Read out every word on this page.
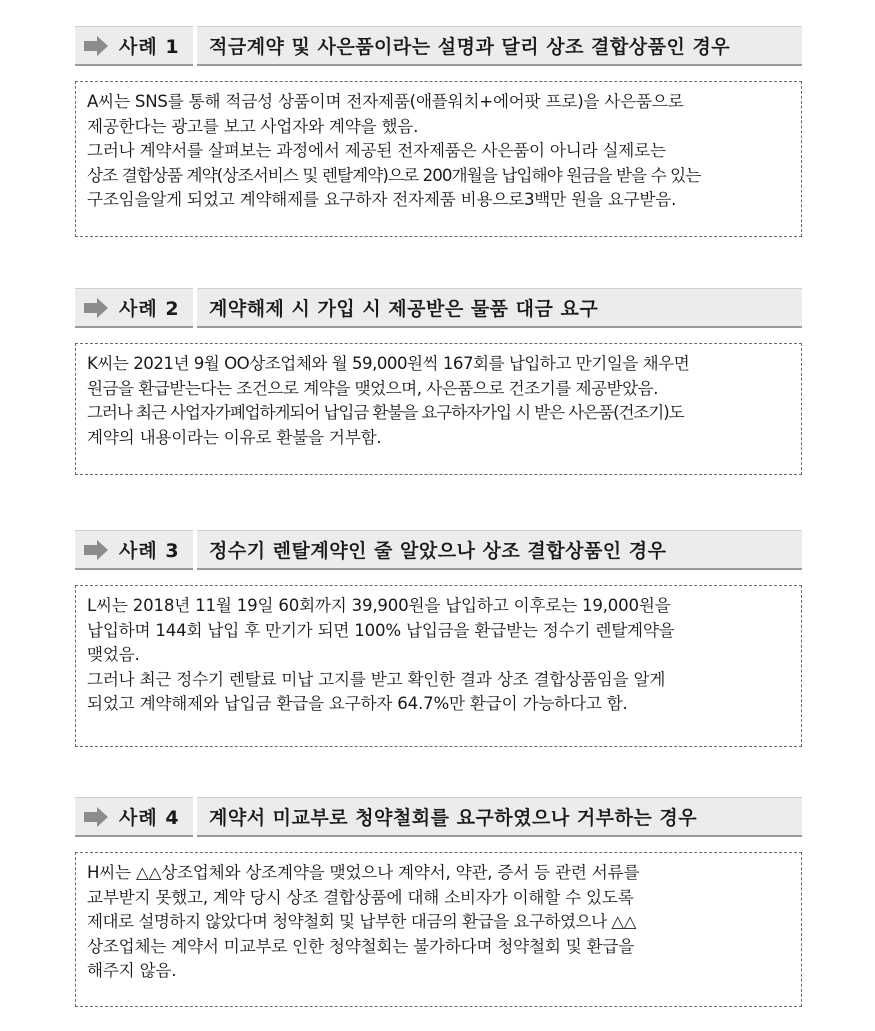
사례 1	적금계약 및 사은품이라는 설명과 달리 상조 결합상품인 경우

A씨는 SNS를 통해 적금성 상품이며 전자제품(애플워치+에어팟 프로)을 사은품으로

제공한다는 광고를 보고 사업자와 계약을 했음.

그러나 계약서를 살펴보는 과정에서 제공된 전자제품은 사은품이 아니라 실제로는

상조 결합상품 계약(상조서비스 및 렌탈계약)으로 200개월을 납입해야 원금을 받을 수 있는

구조임을알게 되었고 계약해제를 요구하자 전자제품 비용으로3백만 원을 요구받음.

사례 2	계약해제 시 가입 시 제공받은 물품 대금 요구

K씨는 2021년 9월 OO상조업체와 월 59,000원씩 167회를 납입하고 만기일을 채우면

원금을 환급받는다는 조건으로 계약을 맺었으며, 사은품으로 건조기를 제공받았음.

그러나 최근 사업자가폐업하게되어 납입금 환불을 요구하자가입 시 받은 사은품(건조기)도

계약의 내용이라는 이유로 환불을 거부함.

사례 3	정수기 렌탈계약인 줄 알았으나 상조 결합상품인 경우

L씨는 2018년 11월 19일 60회까지 39,900원을 납입하고 이후로는 19,000원을

납입하며 144회 납입 후 만기가 되면 100% 납입금을 환급받는 정수기 렌탈계약을

맺었음.

그러나 최근 정수기 렌탈료 미납 고지를 받고 확인한 결과 상조 결합상품임을 알게

되었고 계약해제와 납입금 환급을 요구하자 64.7%만 환급이 가능하다고 함.

사례 4	계약서 미교부로 청약철회를 요구하였으나 거부하는 경우

H씨는 △△상조업체와 상조계약을 맺었으나 계약서, 약관, 증서 등 관련 서류를

교부받지 못했고, 계약 당시 상조 결합상품에 대해 소비자가 이해할 수 있도록

제대로 설명하지 않았다며 청약철회 및 납부한 대금의 환급을 요구하였으나 △△

상조업체는 계약서 미교부로 인한 청약철회는 불가하다며 청약철회 및 환급을

해주지 않음.
